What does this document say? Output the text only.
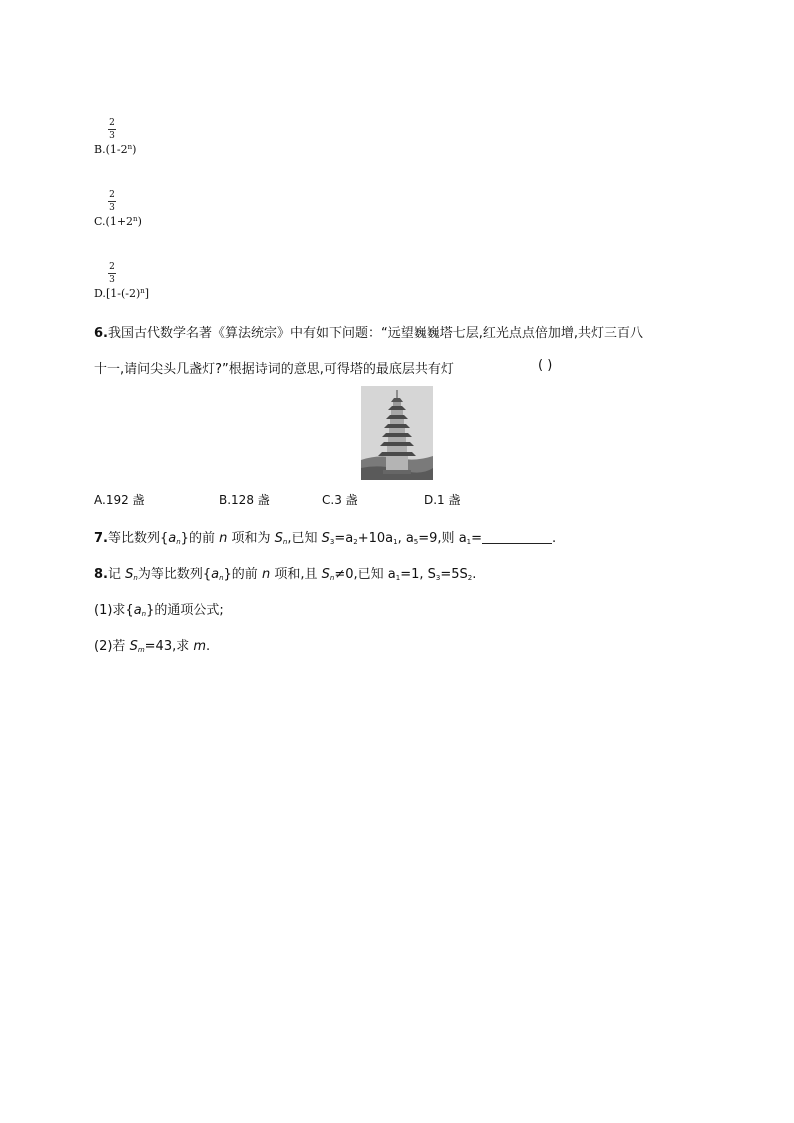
2
3
B.(1-2$^n$)
2
3
$C.(1+2^n)$
2
3
$D.[1-(-2)^n]$
6.我国古代数学名著《算法统宗》中有如下问题：“远望巍巍塔七层,红光点点倍加增,共灯三百八
十一,请问尖头几盏灯?”根据诗词的意思,可得塔的最底层共有灯	( )
A.192 盏	B.128 盏	C.3 盏	D.1 盏
7.等比数列$\{a_n\}$的前 n 项和为 $S_n$,已知 $S_3=a_2+10a_1$, $a_5=9$,则 $a_1=$	.
8.记 $S_n$为等比数列$\{a_n\}$的前 n 项和,且 $S_n\ne 0$,已知 $a_1=1$, $S_3=5S_2$.
(1)求$\{a_n\}$的通项公式;
(2)若 $S_m=43$,求 m.
